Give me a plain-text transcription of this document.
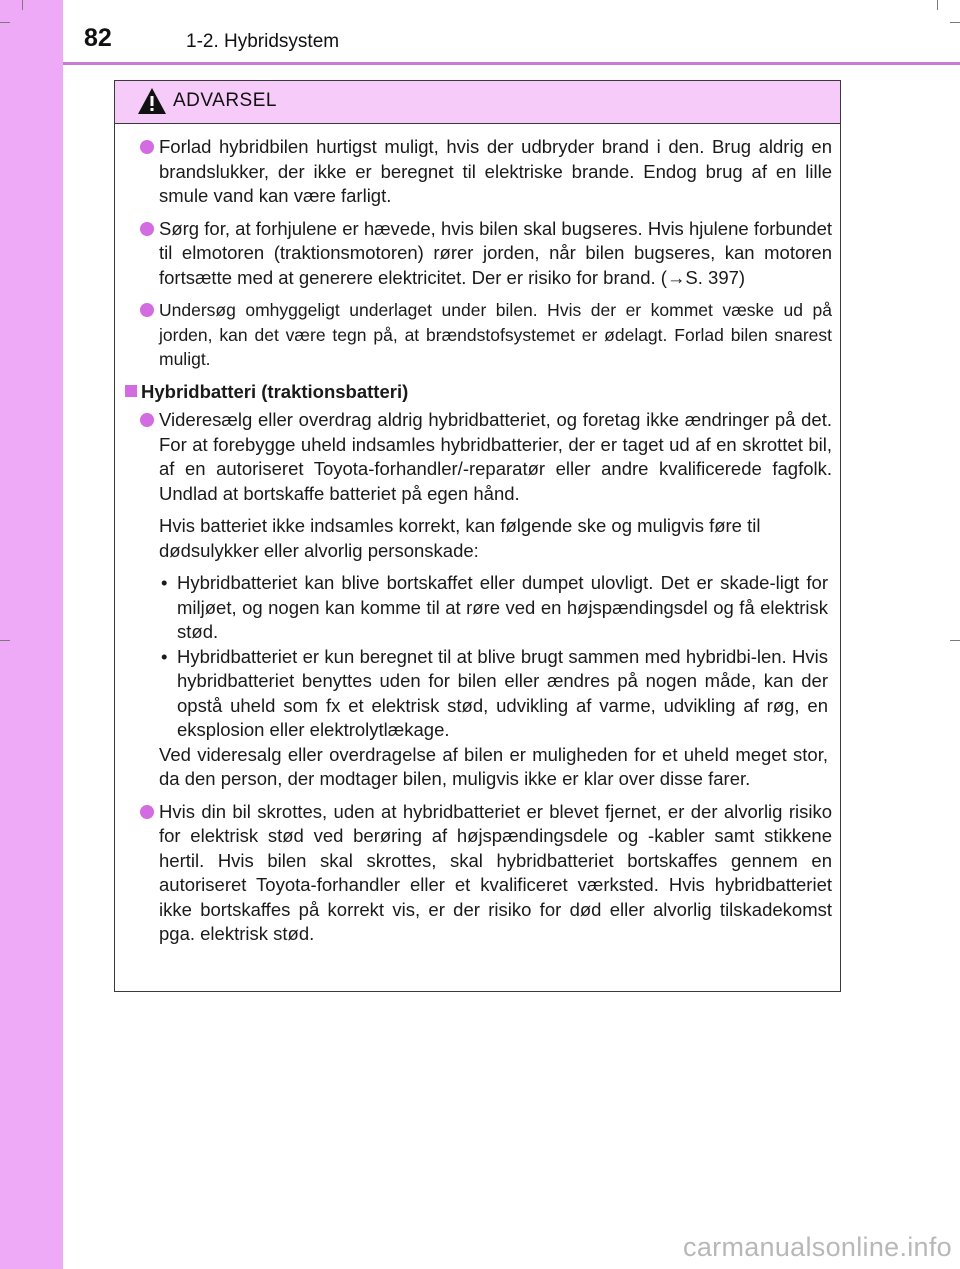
82	1-2. Hybridsystem
ADVARSEL
Forlad hybridbilen hurtigst muligt, hvis der udbryder brand i den. Brug aldrig en brandslukker, der ikke er beregnet til elektriske brande. Endog brug af en lille smule vand kan være farligt.
Sørg for, at forhjulene er hævede, hvis bilen skal bugseres. Hvis hjulene forbundet til elmotoren (traktionsmotoren) rører jorden, når bilen bugseres, kan motoren fortsætte med at generere elektricitet. Der er risiko for brand. (→S. 397)
Undersøg omhyggeligt underlaget under bilen. Hvis der er kommet væske ud på jorden, kan det være tegn på, at brændstofsystemet er ødelagt. Forlad bilen snarest muligt.
Hybridbatteri (traktionsbatteri)
Videresælg eller overdrag aldrig hybridbatteriet, og foretag ikke ændringer på det. For at forebygge uheld indsamles hybridbatterier, der er taget ud af en skrottet bil, af en autoriseret Toyota-forhandler/-reparatør eller andre kvalificerede fagfolk. Undlad at bortskaffe batteriet på egen hånd.
Hvis batteriet ikke indsamles korrekt, kan følgende ske og muligvis føre til dødsulykker eller alvorlig personskade:
• Hybridbatteriet kan blive bortskaffet eller dumpet ulovligt. Det er skade-ligt for miljøet, og nogen kan komme til at røre ved en højspændingsdel og få elektrisk stød.
• Hybridbatteriet er kun beregnet til at blive brugt sammen med hybridbi-len. Hvis hybridbatteriet benyttes uden for bilen eller ændres på nogen måde, kan der opstå uheld som fx et elektrisk stød, udvikling af varme, udvikling af røg, en eksplosion eller elektrolytlækage.
Ved videresalg eller overdragelse af bilen er muligheden for et uheld meget stor, da den person, der modtager bilen, muligvis ikke er klar over disse farer.
Hvis din bil skrottes, uden at hybridbatteriet er blevet fjernet, er der alvorlig risiko for elektrisk stød ved berøring af højspændingsdele og -kabler samt stikkene hertil. Hvis bilen skal skrottes, skal hybridbatteriet bortskaffes gennem en autoriseret Toyota-forhandler eller et kvalificeret værksted. Hvis hybridbatteriet ikke bortskaffes på korrekt vis, er der risiko for død eller alvorlig tilskadekomst pga. elektrisk stød.
carmanualsonline.info
